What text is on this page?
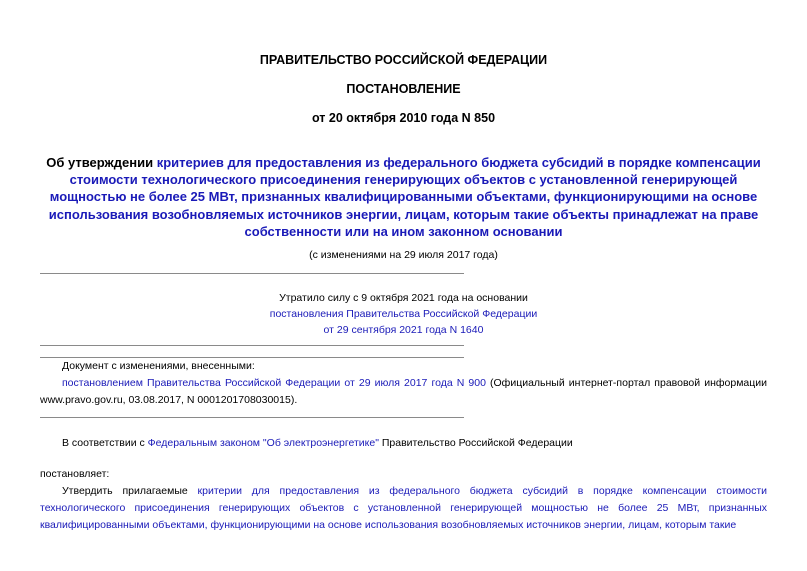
ПРАВИТЕЛЬСТВО РОССИЙСКОЙ ФЕДЕРАЦИИ
ПОСТАНОВЛЕНИЕ
от 20 октября 2010 года N 850
Об утверждении критериев для предоставления из федерального бюджета субсидий в порядке компенсации стоимости технологического присоединения генерирующих объектов с установленной генерирующей мощностью не более 25 МВт, признанных квалифицированными объектами, функционирующими на основе использования возобновляемых источников энергии, лицам, которым такие объекты принадлежат на праве собственности или на ином законном основании
(с изменениями на 29 июля 2017 года)
Утратило силу с 9 октября 2021 года на основании
постановления Правительства Российской Федерации
от 29 сентября 2021 года N 1640
Документ с изменениями, внесенными:
постановлением Правительства Российской Федерации от 29 июля 2017 года N 900 (Официальный интернет-портал правовой информации www.pravo.gov.ru, 03.08.2017, N 0001201708030015).
В соответствии с Федеральным законом "Об электроэнергетике" Правительство Российской Федерации
постановляет:
Утвердить прилагаемые критерии для предоставления из федерального бюджета субсидий в порядке компенсации стоимости технологического присоединения генерирующих объектов с установленной генерирующей мощностью не более 25 МВт, признанных квалифицированными объектами, функционирующими на основе использования возобновляемых источников энергии, лицам, которым такие
